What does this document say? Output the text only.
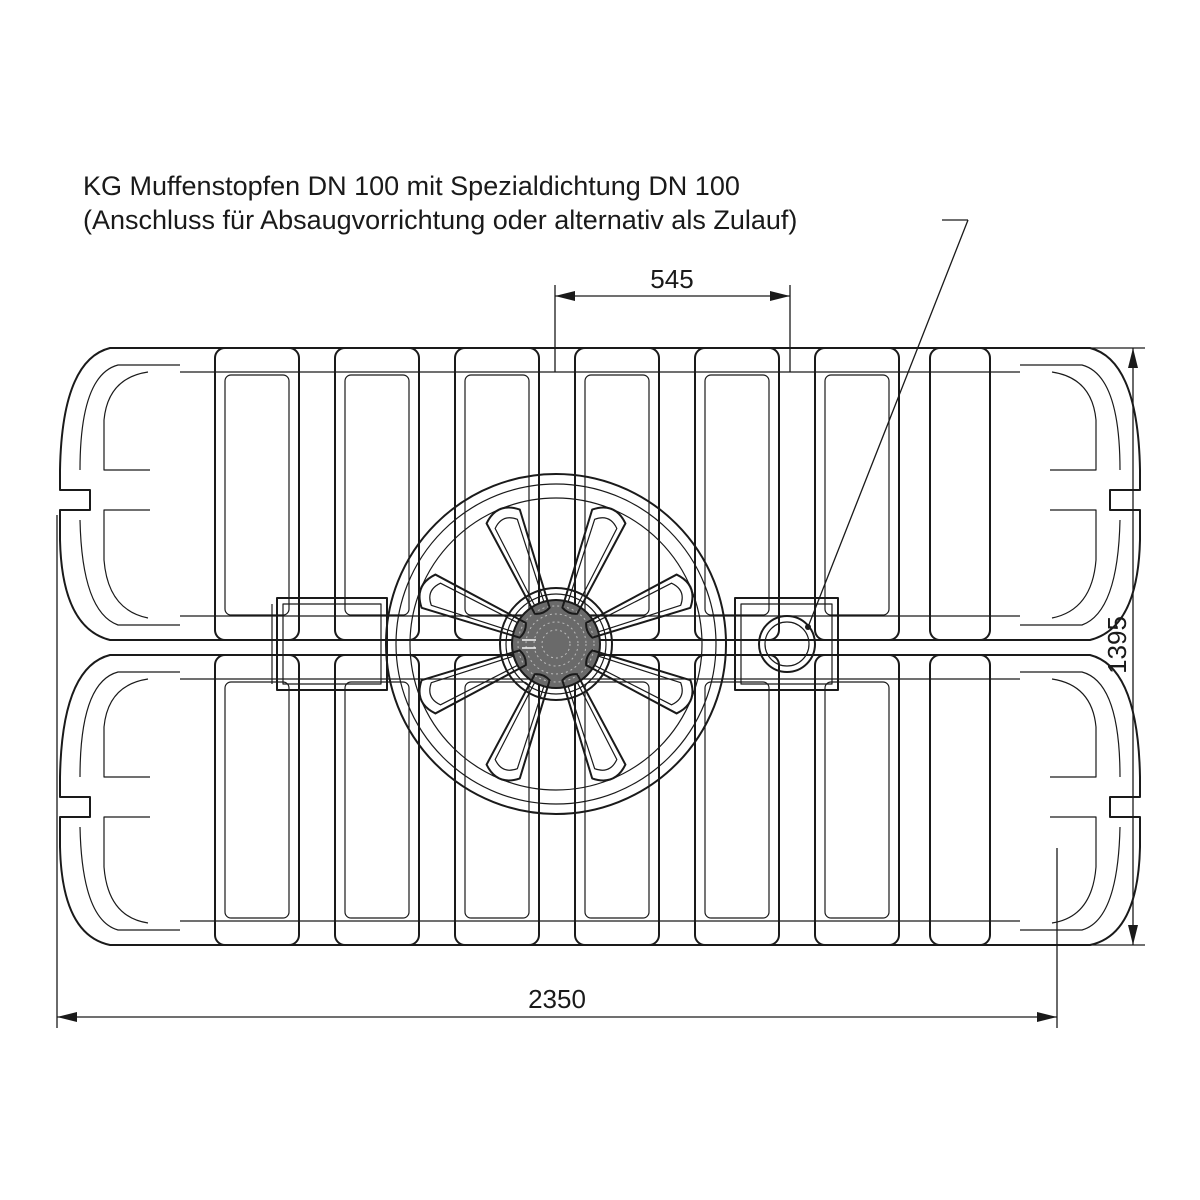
KG Muffenstopfen DN 100 mit Spezialdichtung DN 100
(Anschluss für Absaugvorrichtung oder alternativ als Zulauf)
545
2350
1395
